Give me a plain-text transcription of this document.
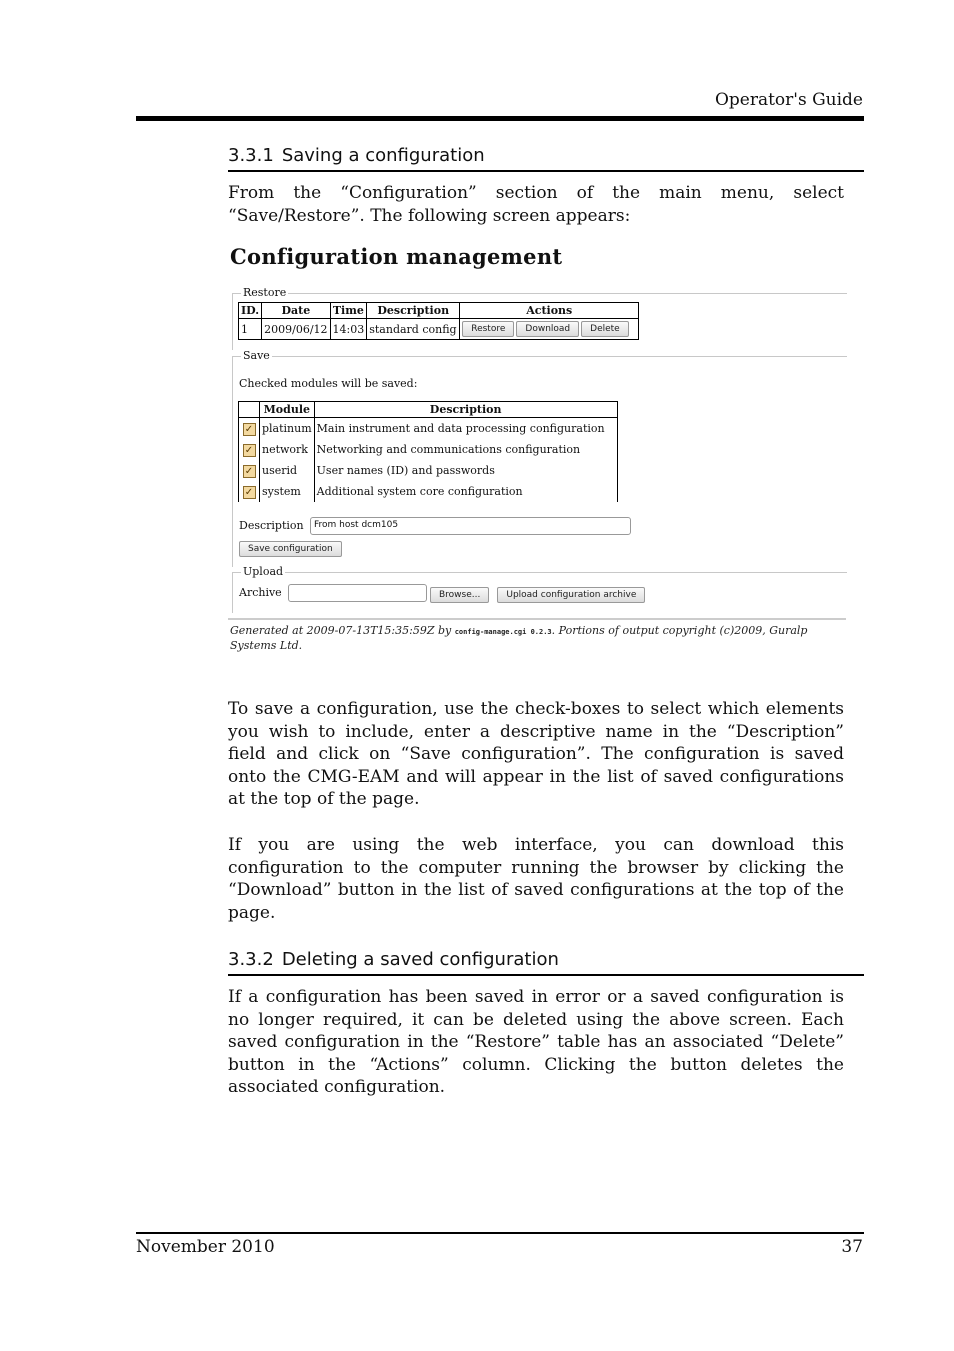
Operator's Guide
3.3.1 Saving a configuration

From the “Configuration” section of the main menu, select
“Save/Restore”. The following screen appears:

Configuration management
Restore
ID.	Date	Time	Description	Actions
1	2009/06/12	14:03	standard config	Restore Download Delete
Save
Checked modules will be saved:
	Module	Description
✓	platinum	Main instrument and data processing configuration
✓	network	Networking and communications configuration
✓	userid	User names (ID) and passwords
✓	system	Additional system core configuration
Description	From host dcm105
Save configuration
Upload
Archive	Browse...	Upload configuration archive
Generated at 2009-07-13T15:35:59Z by config-manage.cgi 0.2.3. Portions of output copyright (c)2009, Guralp
Systems Ltd.

To save a configuration, use the check-boxes to select which elements
you wish to include, enter a descriptive name in the “Description”
field and click on “Save configuration”. The configuration is saved
onto the CMG-EAM and will appear in the list of saved configurations
at the top of the page.

If you are using the web interface, you can download this
configuration to the computer running the browser by clicking the
“Download” button in the list of saved configurations at the top of the
page.

3.3.2 Deleting a saved configuration

If a configuration has been saved in error or a saved configuration is
no longer required, it can be deleted using the above screen. Each
saved configuration in the “Restore” table has an associated “Delete”
button in the “Actions” column. Clicking the button deletes the
associated configuration.

November 2010	37
